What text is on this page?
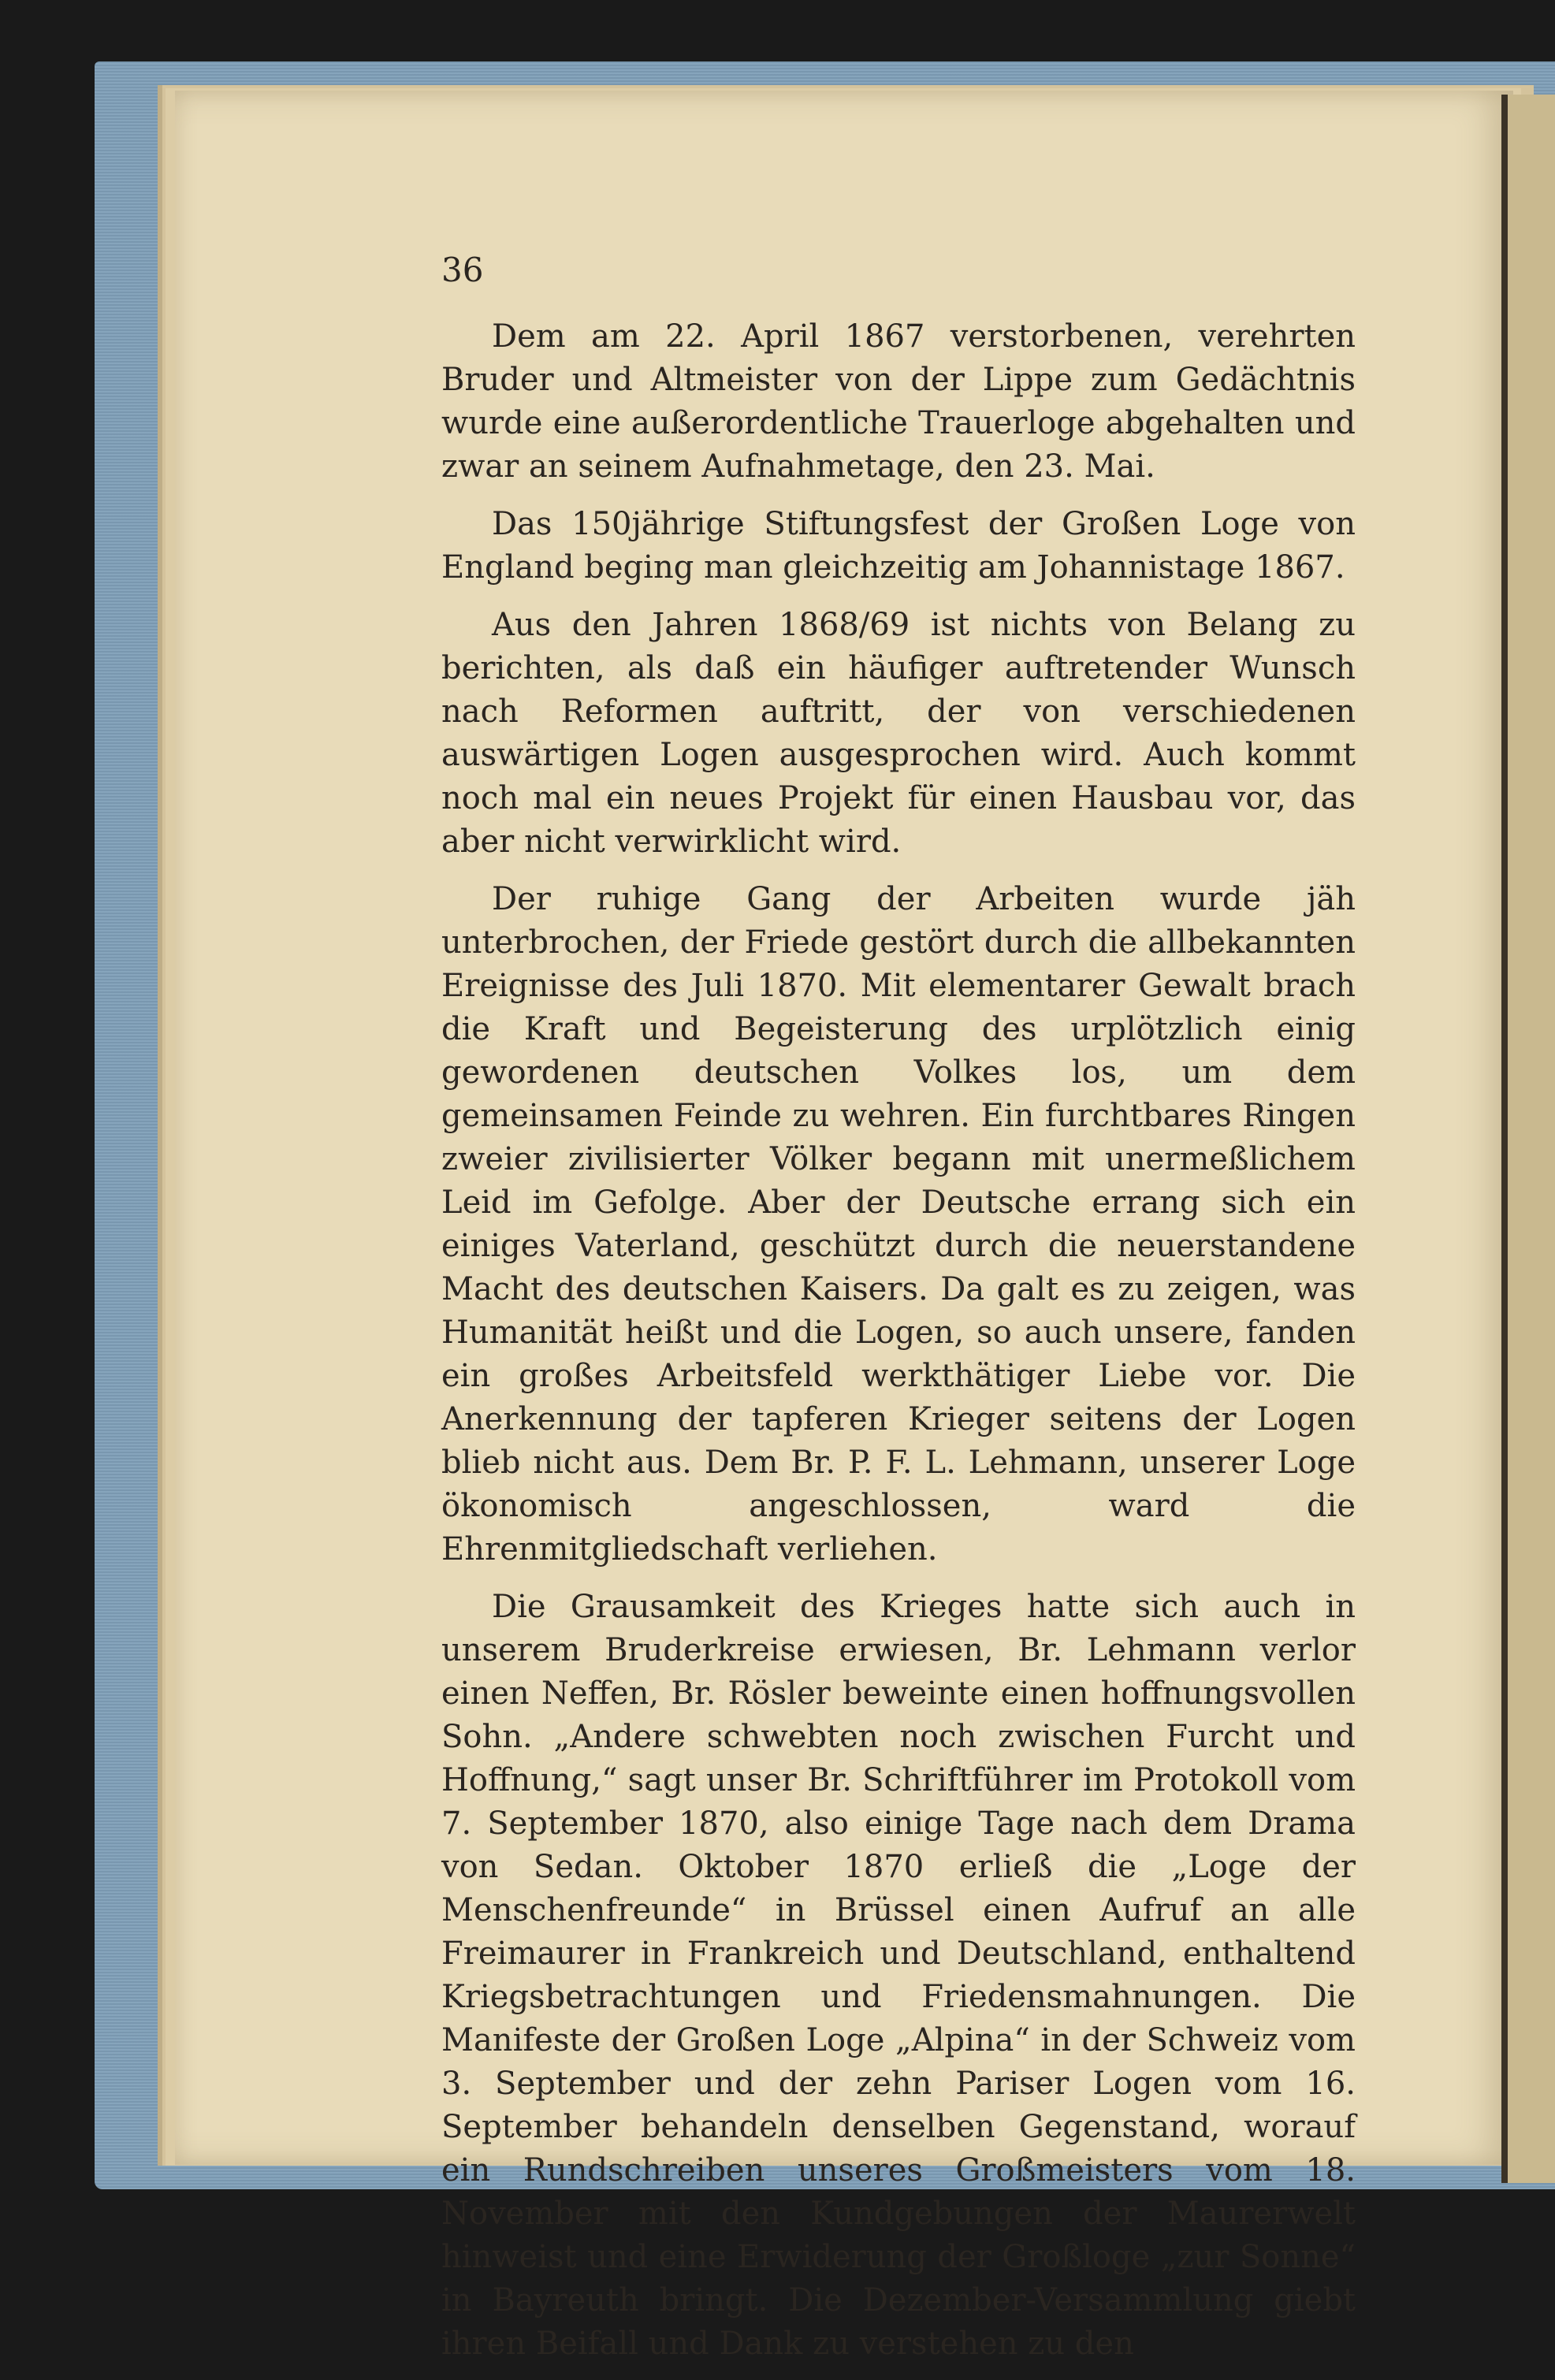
36

Dem am 22. April 1867 verstorbenen, verehrten Bruder und Altmeister von der Lippe zum Gedächtnis wurde eine außerordentliche Trauerloge abgehalten und zwar an seinem Aufnahmetage, den 23. Mai.

Das 150jährige Stiftungsfest der Großen Loge von England beging man gleichzeitig am Johannistage 1867.

Aus den Jahren 1868/69 ist nichts von Belang zu berichten, als daß ein häufiger auftretender Wunsch nach Reformen auftritt, der von verschiedenen auswärtigen Logen ausgesprochen wird. Auch kommt noch mal ein neues Projekt für einen Hausbau vor, das aber nicht verwirklicht wird.

Der ruhige Gang der Arbeiten wurde jäh unterbrochen, der Friede gestört durch die allbekannten Ereignisse des Juli 1870. Mit elementarer Gewalt brach die Kraft und Begeisterung des urplötzlich einig gewordenen deutschen Volkes los, um dem gemeinsamen Feinde zu wehren. Ein furchtbares Ringen zweier zivilisierter Völker begann mit unermeßlichem Leid im Gefolge. Aber der Deutsche errang sich ein einiges Vaterland, geschützt durch die neuerstandene Macht des deutschen Kaisers. Da galt es zu zeigen, was Humanität heißt und die Logen, so auch unsere, fanden ein großes Arbeitsfeld werkthätiger Liebe vor. Die Anerkennung der tapferen Krieger seitens der Logen blieb nicht aus. Dem Br. P. F. L. Lehmann, unserer Loge ökonomisch angeschlossen, ward die Ehrenmitgliedschaft verliehen.

Die Grausamkeit des Krieges hatte sich auch in unserem Bruderkreise erwiesen, Br. Lehmann verlor einen Neffen, Br. Rösler beweinte einen hoffnungsvollen Sohn. „Andere schwebten noch zwischen Furcht und Hoffnung,“ sagt unser Br. Schriftführer im Protokoll vom 7. September 1870, also einige Tage nach dem Drama von Sedan. Oktober 1870 erließ die „Loge der Menschenfreunde“ in Brüssel einen Aufruf an alle Freimaurer in Frankreich und Deutschland, enthaltend Kriegsbetrachtungen und Friedensmahnungen. Die Manifeste der Großen Loge „Alpina“ in der Schweiz vom 3. September und der zehn Pariser Logen vom 16. September behandeln denselben Gegenstand, worauf ein Rundschreiben unseres Großmeisters vom 18. November mit den Kundgebungen der Maurerwelt hinweist und eine Erwiderung der Großloge „zur Sonne“ in Bayreuth bringt. Die Dezember-Versammlung giebt ihren Beifall und Dank zu verstehen zu den
